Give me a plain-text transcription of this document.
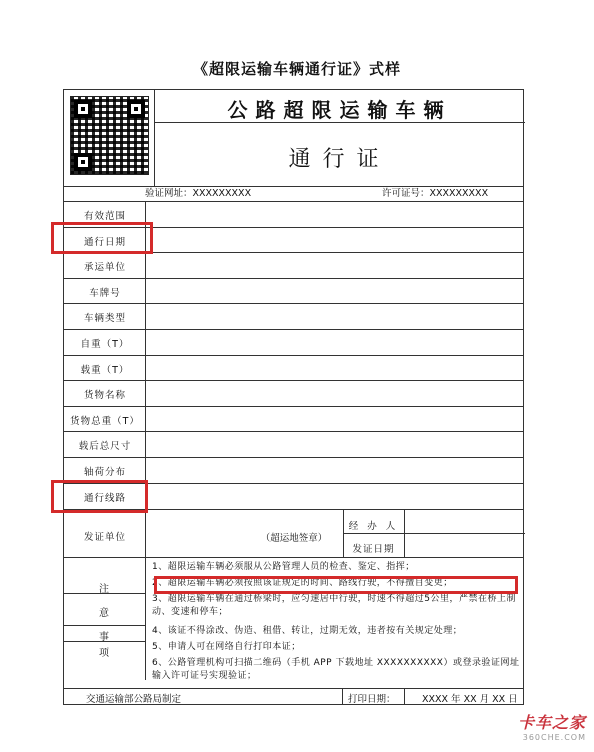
《超限运输车辆通行证》式样
公路超限运输车辆
通行证
验证网址：XXXXXXXXX	许可证号：XXXXXXXXX
有效范围
通行日期
承运单位
车牌号
车辆类型
自重（T）
载重（T）
货物名称
货物总重（T）
载后总尺寸
轴荷分布
通行线路
发证单位	（超运地签章）
经 办 人
发证日期
注
意
事
项
1、超限运输车辆必须服从公路管理人员的检查、鉴定、指挥；
2、超限运输车辆必须按照该证规定的时间、路线行驶，不得擅自变更；
3、超限运输车辆在通过桥梁时，应匀速居中行驶，时速不得超过5公里，严禁在桥上制动、变速和停车；
4、该证不得涂改、伪造、租借、转让，过期无效，违者按有关规定处理；
5、申请人可在网络自行打印本证；
6、公路管理机构可扫描二维码（手机 APP 下载地址 XXXXXXXXXX）或登录验证网址输入许可证号实现验证；
交通运输部公路局制定	打印日期：	XXXX 年 XX 月 XX 日
卡车之家
360CHE.COM
